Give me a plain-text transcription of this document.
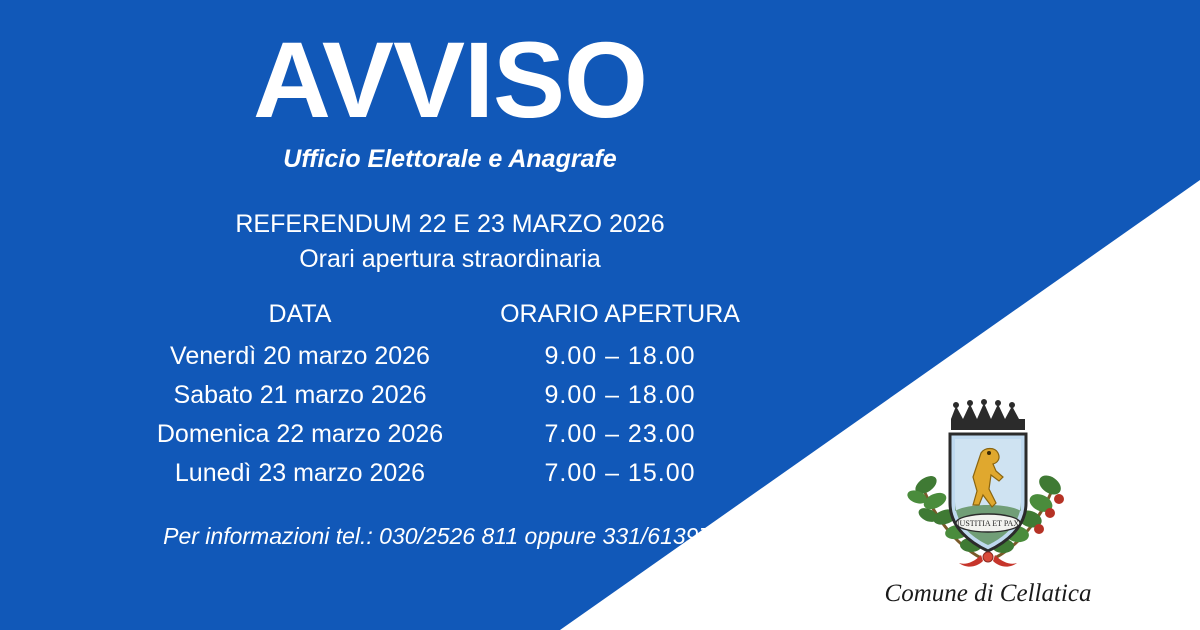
AVVISO

Ufficio Elettorale e Anagrafe

REFERENDUM 22 E 23 MARZO 2026

Orari apertura straordinaria

DATA	ORARIO APERTURA
Venerdì 20 marzo 2026	9.00 – 18.00
Sabato 21 marzo 2026	9.00 – 18.00
Domenica 22 marzo 2026	7.00 – 23.00
Lunedì 23 marzo 2026	7.00 – 15.00

Per informazioni tel.: 030/2526 811 oppure 331/6139735	IUSTITIA ET PAX

Comune di Cellatica
